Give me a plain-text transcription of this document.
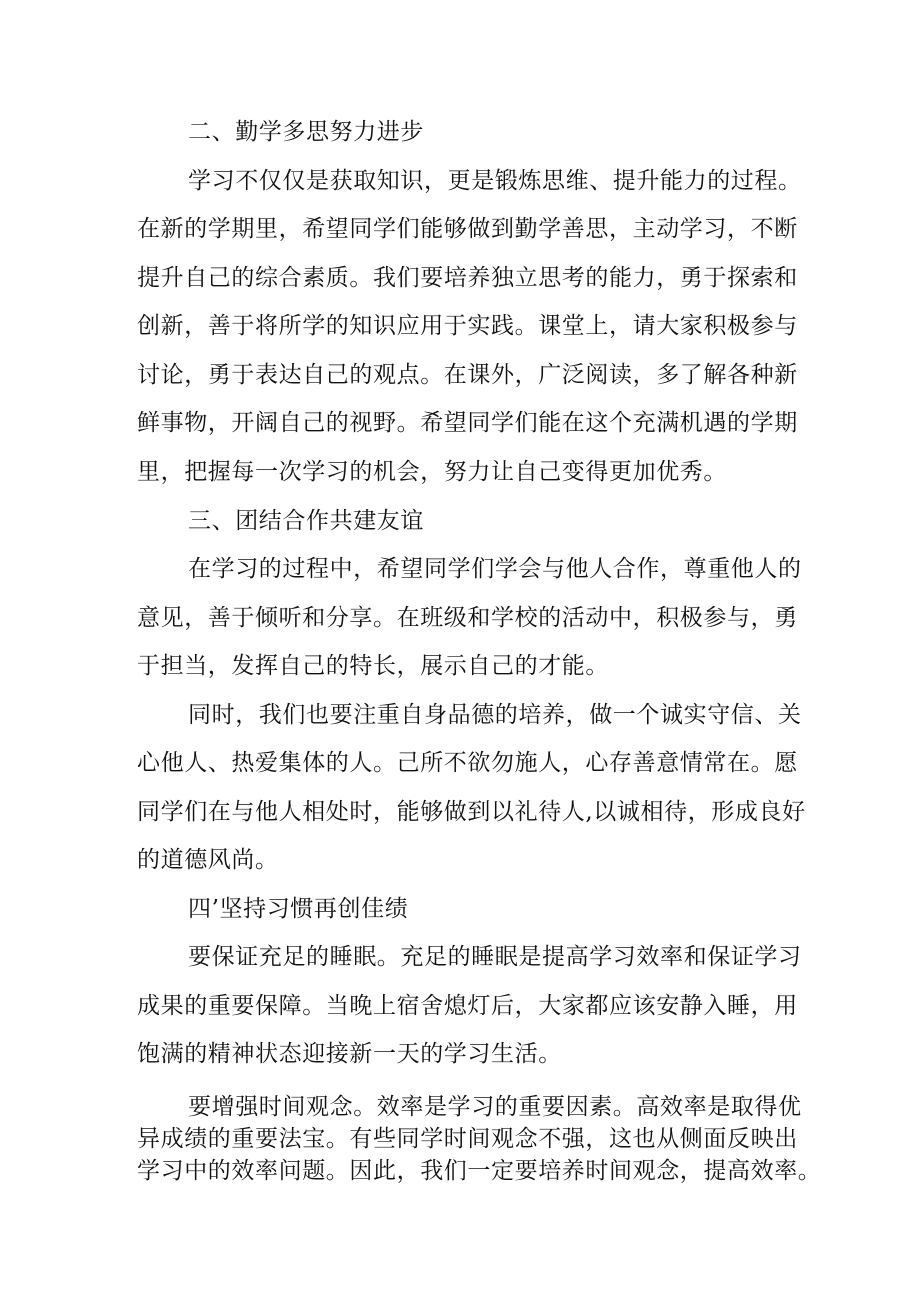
二、勤学多思努力进步

学习不仅仅是获取知识，更是锻炼思维、提升能力的过程。

在新的学期里，希望同学们能够做到勤学善思，主动学习，不断

提升自己的综合素质。我们要培养独立思考的能力，勇于探索和

创新，善于将所学的知识应用于实践。课堂上，请大家积极参与

讨论，勇于表达自己的观点。在课外，广泛阅读，多了解各种新

鲜事物，开阔自己的视野。希望同学们能在这个充满机遇的学期

里，把握每一次学习的机会，努力让自己变得更加优秀。

三、团结合作共建友谊

在学习的过程中，希望同学们学会与他人合作，尊重他人的

意见，善于倾听和分享。在班级和学校的活动中，积极参与，勇

于担当，发挥自己的特长，展示自己的才能。

同时，我们也要注重自身品德的培养，做一个诚实守信、关

心他人、热爱集体的人。己所不欲勿施人，心存善意情常在。愿

同学们在与他人相处时，能够做到以礼待人,以诚相待，形成良好

的道德风尚。

四’坚持习惯再创佳绩

要保证充足的睡眠。充足的睡眠是提高学习效率和保证学习

成果的重要保障。当晚上宿舍熄灯后，大家都应该安静入睡，用

饱满的精神状态迎接新一天的学习生活。

要增强时间观念。效率是学习的重要因素。高效率是取得优

异成绩的重要法宝。有些同学时间观念不强，这也从侧面反映出

学习中的效率问题。因此，我们一定要培养时间观念，提高效率。
